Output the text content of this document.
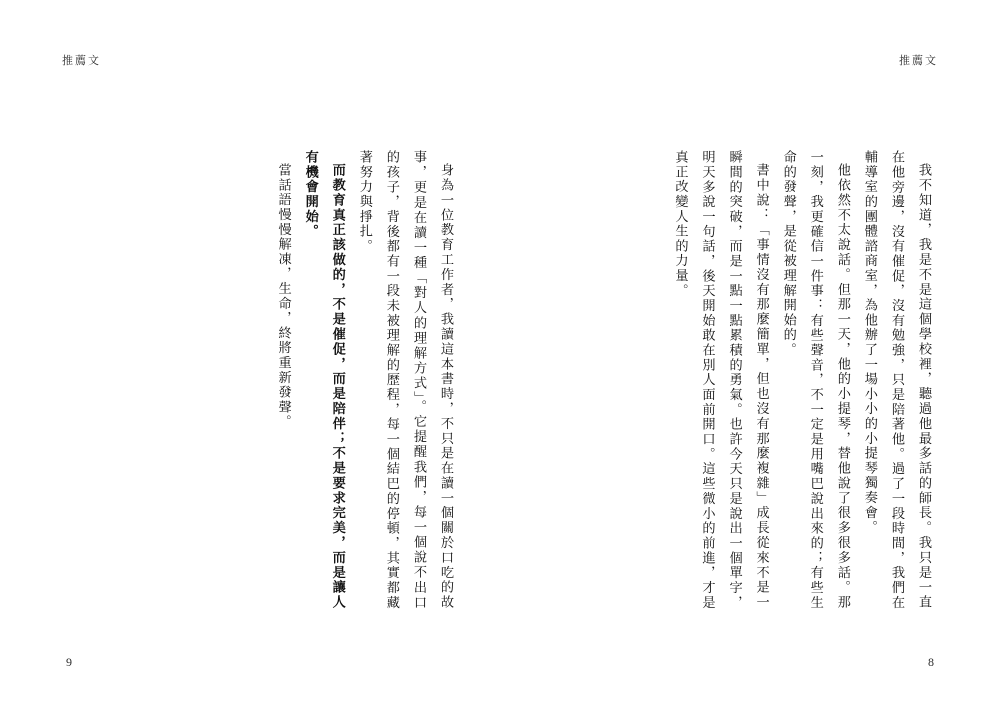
推薦文

身為一位教育工作者，我讀這本書時，不只是在讀一個關於口吃的故事，更是在讀一種「對人的理解方式」。它提醒我們，每一個說不出口的孩子，背後都有一段未被理解的歷程，每一個結巴的停頓，其實都藏著努力與掙扎。

而教育真正該做的，不是催促，而是陪伴；不是要求完美，而是讓人有機會開始。

當話語慢慢解凍，生命，終將重新發聲。

9
推薦文

我不知道，我是不是這個學校裡，聽過他最多話的師長。我只是一直在他旁邊，沒有催促，沒有勉強，只是陪著他。過了一段時間，我們在輔導室的團體諮商室，為他辦了一場小小的小提琴獨奏會。

他依然不太說話。但那一天，他的小提琴，替他說了很多很多話。那一刻，我更確信一件事：有些聲音，不一定是用嘴巴說出來的；有些生命的發聲，是從被理解開始的。

書中說：「事情沒有那麼簡單，但也沒有那麼複雜」成長從來不是一瞬間的突破，而是一點一點累積的勇氣。也許今天只是說出一個單字，明天多說一句話，後天開始敢在別人面前開口。這些微小的前進，才是真正改變人生的力量。

8
